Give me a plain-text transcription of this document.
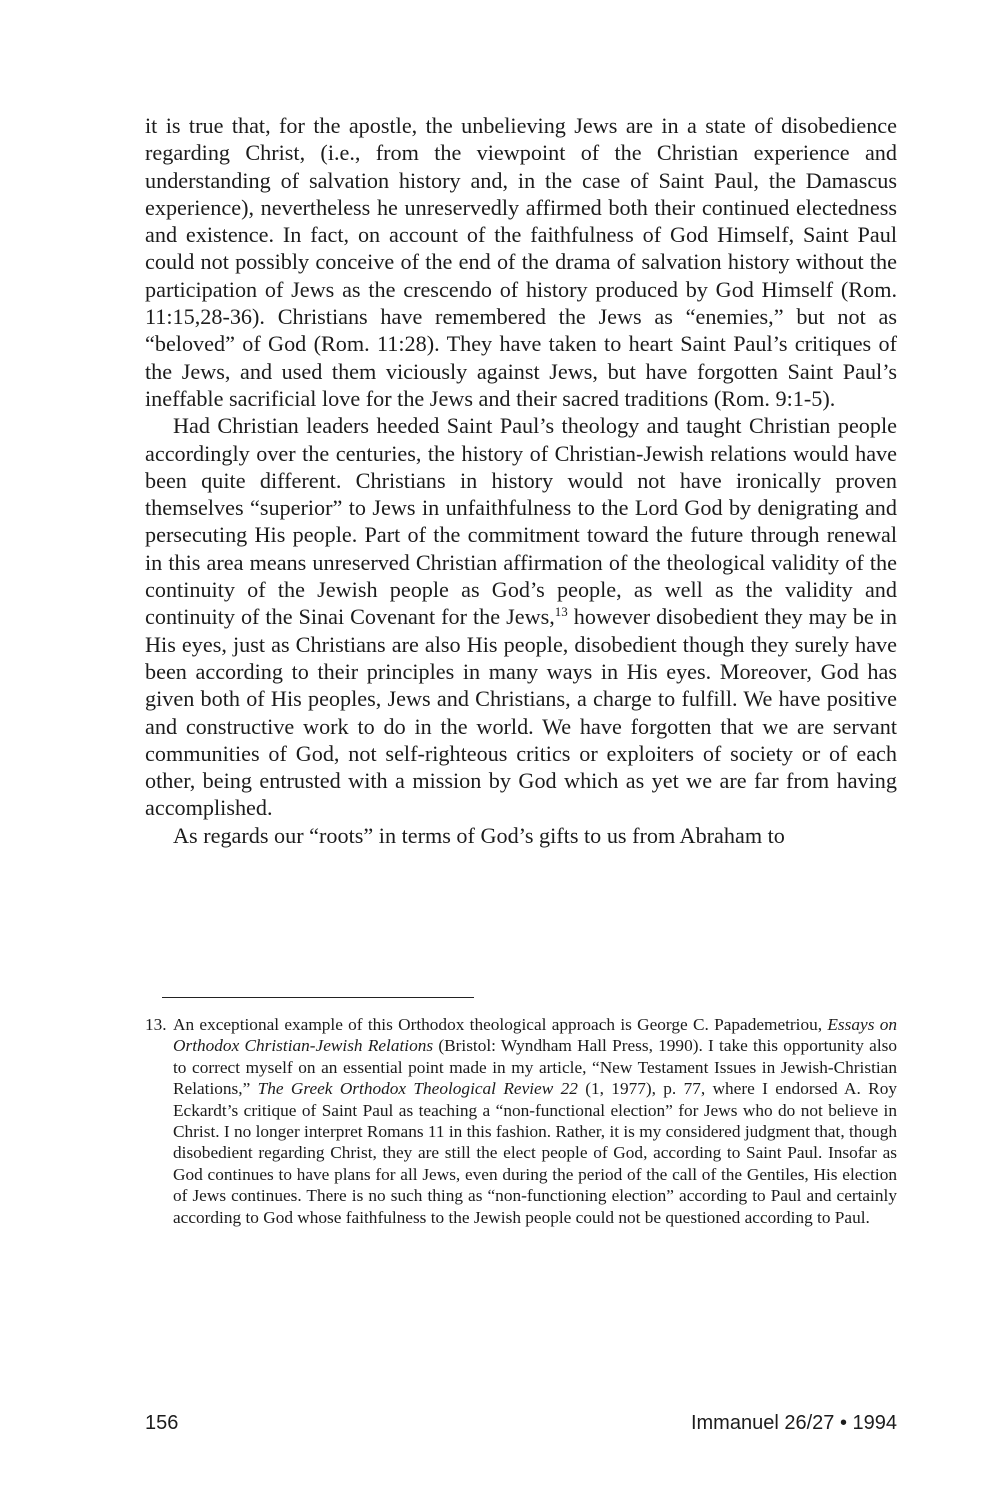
it is true that, for the apostle, the unbelieving Jews are in a state of disobedience regarding Christ, (i.e., from the viewpoint of the Christian experience and understanding of salvation history and, in the case of Saint Paul, the Damascus experience), nevertheless he unreservedly affirmed both their continued electedness and existence. In fact, on account of the faithfulness of God Himself, Saint Paul could not possibly conceive of the end of the drama of salvation history without the participation of Jews as the crescendo of history produced by God Himself (Rom. 11:15,28-36). Christians have remembered the Jews as “enemies,” but not as “beloved” of God (Rom. 11:28). They have taken to heart Saint Paul’s critiques of the Jews, and used them viciously against Jews, but have forgotten Saint Paul’s ineffable sacrificial love for the Jews and their sacred traditions (Rom. 9:1-5).

Had Christian leaders heeded Saint Paul’s theology and taught Christian people accordingly over the centuries, the history of Christian-Jewish relations would have been quite different. Christians in history would not have ironically proven themselves “superior” to Jews in unfaithfulness to the Lord God by denigrating and persecuting His people. Part of the commitment toward the future through renewal in this area means unreserved Christian affirmation of the theological validity of the continuity of the Jewish people as God’s people, as well as the validity and continuity of the Sinai Covenant for the Jews,$^{13}$ however disobedient they may be in His eyes, just as Christians are also His people, disobedient though they surely have been according to their principles in many ways in His eyes. Moreover, God has given both of His peoples, Jews and Christians, a charge to fulfill. We have positive and constructive work to do in the world. We have forgotten that we are servant communities of God, not self-righteous critics or exploiters of society or of each other, being entrusted with a mission by God which as yet we are far from having accomplished.

As regards our “roots” in terms of God’s gifts to us from Abraham to

13. An exceptional example of this Orthodox theological approach is George C. Papademetriou, Essays on Orthodox Christian-Jewish Relations (Bristol: Wyndham Hall Press, 1990). I take this opportunity also to correct myself on an essential point made in my article, “New Testament Issues in Jewish-Christian Relations,” The Greek Orthodox Theological Review 22 (1, 1977), p. 77, where I endorsed A. Roy Eckardt’s critique of Saint Paul as teaching a “non-functional election” for Jews who do not believe in Christ. I no longer interpret Romans 11 in this fashion. Rather, it is my considered judgment that, though disobedient regarding Christ, they are still the elect people of God, according to Saint Paul. Insofar as God continues to have plans for all Jews, even during the period of the call of the Gentiles, His election of Jews continues. There is no such thing as “non-functioning election” according to Paul and certainly according to God whose faithfulness to the Jewish people could not be questioned according to Paul.
156	Immanuel 26/27 • 1994
